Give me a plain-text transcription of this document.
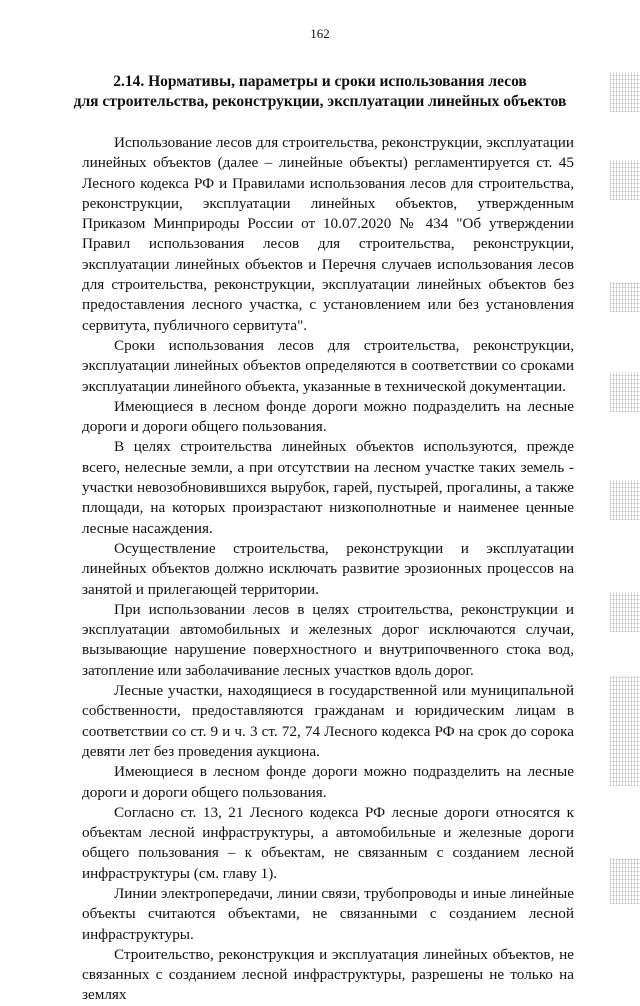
162
2.14. Нормативы, параметры и сроки использования лесов
для строительства, реконструкции, эксплуатации линейных объектов

Использование лесов для строительства, реконструкции, эксплуатации линейных объектов (далее – линейные объекты) регламентируется ст. 45 Лесного кодекса РФ и Правилами использования лесов для строительства, реконструкции, эксплуатации линейных объектов, утвержденным Приказом Минприроды России от 10.07.2020 № 434 "Об утверждении Правил использования лесов для строительства, реконструкции, эксплуатации линейных объектов и Перечня случаев использования лесов для строительства, реконструкции, эксплуатации линейных объектов без предоставления лесного участка, с установлением или без установления сервитута, публичного сервитута".

Сроки использования лесов для строительства, реконструкции, эксплуатации линейных объектов определяются в соответствии со сроками эксплуатации линейного объекта, указанные в технической документации.

Имеющиеся в лесном фонде дороги можно подразделить на лесные дороги и дороги общего пользования.

В целях строительства линейных объектов используются, прежде всего, нелесные земли, а при отсутствии на лесном участке таких земель - участки невозобновившихся вырубок, гарей, пустырей, прогалины, а также площади, на которых произрастают низкополнотные и наименее ценные лесные насаждения.

Осуществление строительства, реконструкции и эксплуатации линейных объектов должно исключать развитие эрозионных процессов на занятой и прилегающей территории.

При использовании лесов в целях строительства, реконструкции и эксплуатации автомобильных и железных дорог исключаются случаи, вызывающие нарушение поверхностного и внутрипочвенного стока вод, затопление или заболачивание лесных участков вдоль дорог.

Лесные участки, находящиеся в государственной или муниципальной собственности, предоставляются гражданам и юридическим лицам в соответствии со ст. 9 и ч. 3 ст. 72, 74 Лесного кодекса РФ на срок до сорока девяти лет без проведения аукциона.

Имеющиеся в лесном фонде дороги можно подразделить на лесные дороги и дороги общего пользования.

Согласно ст. 13, 21 Лесного кодекса РФ лесные дороги относятся к объектам лесной инфраструктуры, а автомобильные и железные дороги общего пользования – к объектам, не связанным с созданием лесной инфраструктуры (см. главу 1).

Линии электропередачи, линии связи, трубопроводы и иные линейные объекты считаются объектами, не связанными с созданием лесной инфраструктуры.

Строительство, реконструкция и эксплуатация линейных объектов, не связанных с созданием лесной инфраструктуры, разрешены не только на землях
